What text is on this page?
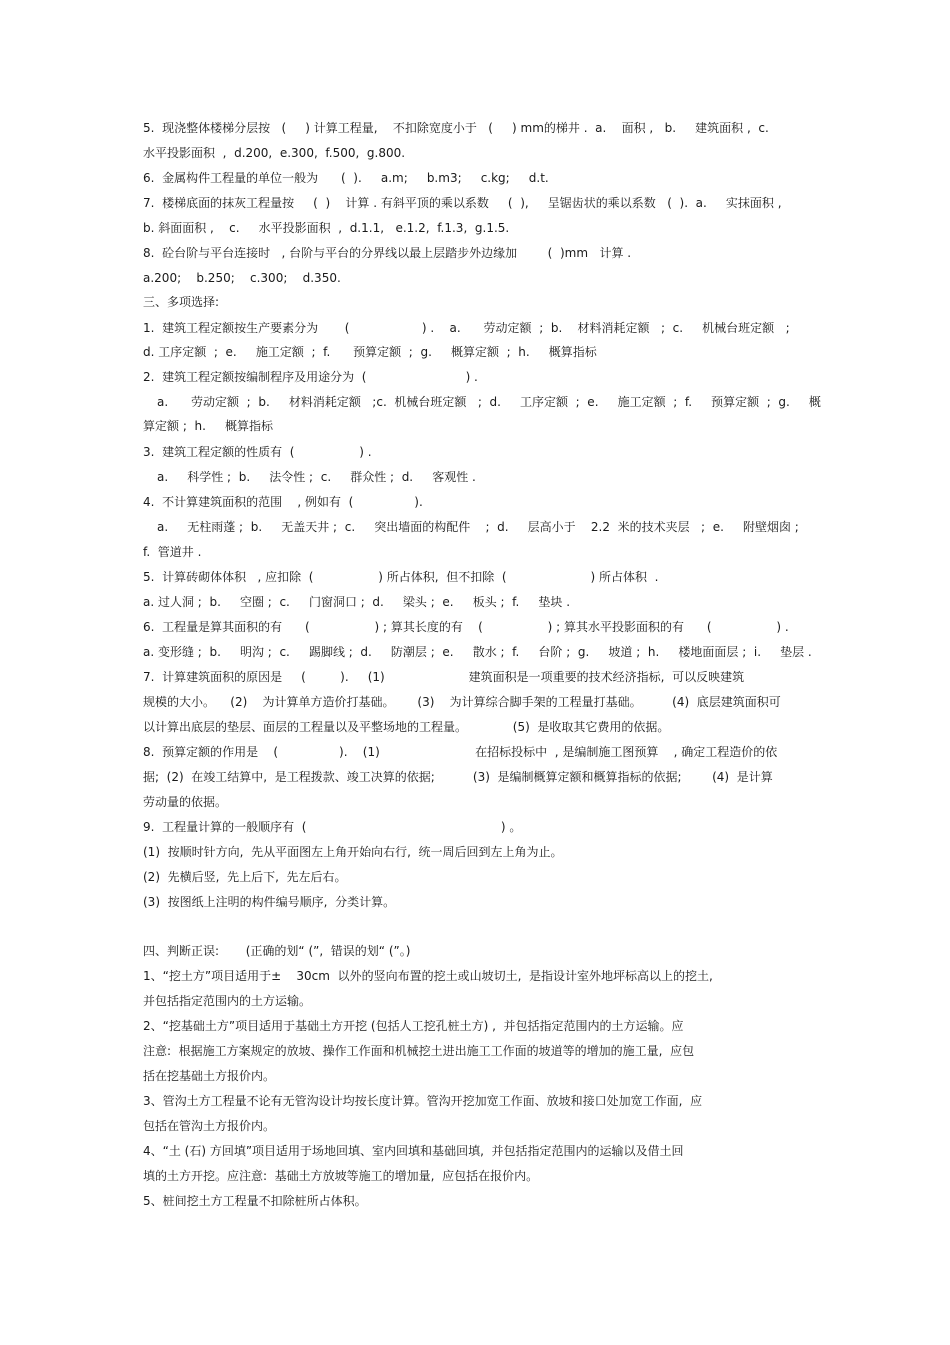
5.  现浇整体楼梯分层按   (     ) 计算工程量,    不扣除宽度小于   (     ) mm的梯井 .  a.    面积 ,   b.     建筑面积 ,  c.
水平投影面积  ,  d.200,  e.300,  f.500,  g.800.
6.  金属构件工程量的单位一般为      (  ).     a.m;     b.m3;     c.kg;     d.t.
7.  楼梯底面的抹灰工程量按     (  )    计算 . 有斜平顶的乘以系数     (  ),     呈锯齿状的乘以系数   (  ).  a.     实抹面积 ,
b. 斜面面积 ,    c.     水平投影面积  ,  d.1.1,   e.1.2,  f.1.3,  g.1.5.
8.  砼台阶与平台连接时   , 台阶与平台的分界线以最上层踏步外边缘加        (  )mm   计算 .
a.200;    b.250;    c.300;    d.350.
三、多项选择:
1.  建筑工程定额按生产要素分为       (                   ) .    a.      劳动定额  ;  b.    材料消耗定额   ;  c.     机械台班定额   ;
d. 工序定额  ;  e.     施工定额  ;  f.      预算定额  ;  g.     概算定额  ;  h.     概算指标
2.  建筑工程定额按编制程序及用途分为  (                          ) .
a.      劳动定额  ;  b.     材料消耗定额   ;c.  机械台班定额   ;  d.     工序定额  ;  e.     施工定额  ;  f.     预算定额  ;  g.     概
算定额 ;  h.     概算指标
3.  建筑工程定额的性质有  (                 ) .
a.     科学性 ;  b.     法令性 ;  c.     群众性 ;  d.     客观性 .
4.  不计算建筑面积的范围    , 例如有  (                ).
a.     无柱雨蓬 ;  b.     无盖天井 ;  c.     突出墙面的构配件    ;  d.     层高小于    2.2  米的技术夹层   ;  e.     附壁烟囱 ;
f.  管道井 .
5.  计算砖砌体体积   , 应扣除  (                 ) 所占体积,  但不扣除  (                      ) 所占体积  .
a. 过人洞 ;  b.     空圈 ;  c.     门窗洞口 ;  d.     梁头 ;  e.     板头 ;  f.     垫块 .
6.  工程量是算其面积的有      (                 ) ; 算其长度的有    (                 ) ; 算其水平投影面积的有      (                 ) .
a. 变形缝 ;  b.     明沟 ;  c.     踢脚线 ;  d.     防潮层 ;  e.     散水 ;  f.     台阶 ;  g.     坡道 ;  h.     楼地面面层 ;  i.     垫层 .
7.  计算建筑面积的原因是     (         ).     (1)                      建筑面积是一项重要的技术经济指标,  可以反映建筑
规模的大小。    (2)    为计算单方造价打基础。      (3)    为计算综合脚手架的工程量打基础。        (4)  底层建筑面积可
以计算出底层的垫层、面层的工程量以及平整场地的工程量。            (5)  是收取其它费用的依据。
8.  预算定额的作用是    (                ).    (1)                         在招标投标中  , 是编制施工图预算    , 确定工程造价的依
据;  (2)  在竣工结算中,  是工程拨款、竣工决算的依据;          (3)  是编制概算定额和概算指标的依据;        (4)  是计算
劳动量的依据。
9.  工程量计算的一般顺序有  (                                                   ) 。
(1)  按顺时针方向,  先从平面图左上角开始向右行,  统一周后回到左上角为止。
(2)  先横后竖,  先上后下,  先左后右。
(3)  按图纸上注明的构件编号顺序,  分类计算。
四、判断正误:       (正确的划“ (”,  错误的划“ (”。)
1、“挖土方”项目适用于±    30cm  以外的竖向布置的挖土或山坡切土,  是指设计室外地坪标高以上的挖土,
并包括指定范围内的土方运输。
2、“挖基础土方”项目适用于基础土方开挖 (包括人工挖孔桩土方) ,  并包括指定范围内的土方运输。应
注意:  根据施工方案规定的放坡、操作工作面和机械挖土进出施工工作面的坡道等的增加的施工量,  应包
括在挖基础土方报价内。
3、管沟土方工程量不论有无管沟设计均按长度计算。管沟开挖加宽工作面、放坡和接口处加宽工作面,  应
包括在管沟土方报价内。
4、“土 (石) 方回填”项目适用于场地回填、室内回填和基础回填,  并包括指定范围内的运输以及借土回
填的土方开挖。应注意:  基础土方放坡等施工的增加量,  应包括在报价内。
5、桩间挖土方工程量不扣除桩所占体积。
